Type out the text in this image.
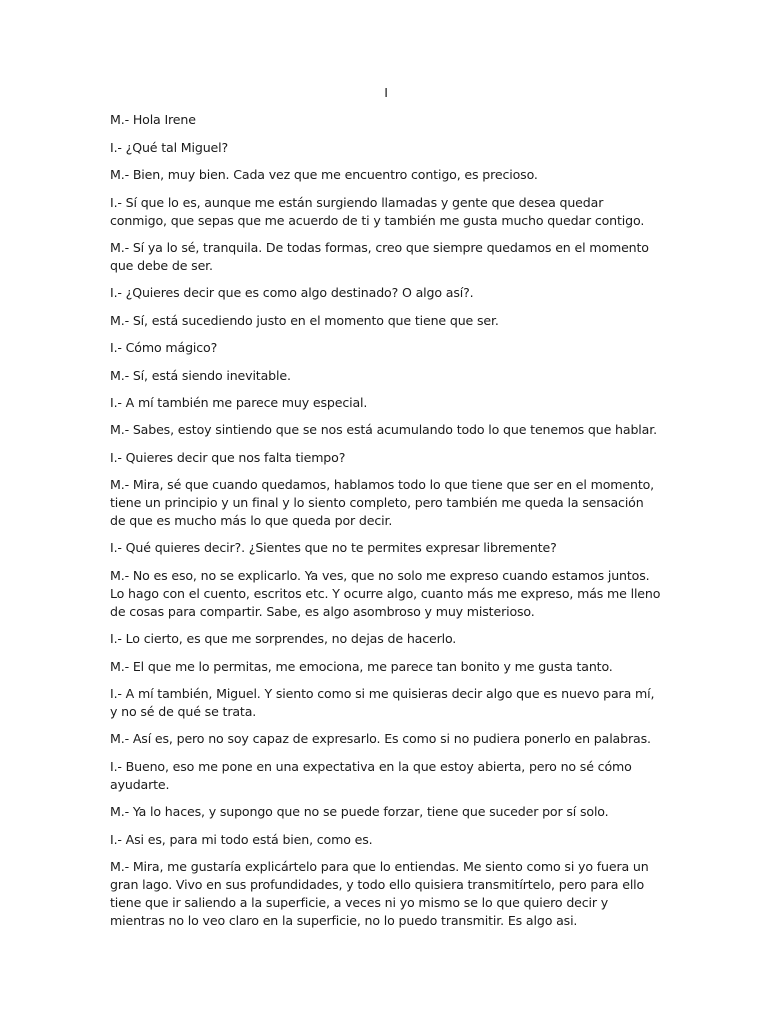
I

M.- Hola Irene

I.- ¿Qué tal Miguel?

M.- Bien, muy bien. Cada vez que me encuentro contigo, es precioso.

I.- Sí que lo es, aunque me están surgiendo llamadas y gente que desea quedar conmigo, que sepas que me acuerdo de ti y también me gusta mucho quedar contigo.

M.- Sí ya lo sé, tranquila. De todas formas, creo que siempre quedamos en el momento que debe de ser.

I.- ¿Quieres decir que es como algo destinado? O algo así?.

M.- Sí, está sucediendo justo en el momento que tiene que ser.

I.- Cómo mágico?

M.- Sí, está siendo inevitable.

I.- A mí también me parece muy especial.

M.- Sabes, estoy sintiendo que se nos está acumulando todo lo que tenemos que hablar.

I.- Quieres decir que nos falta tiempo?

M.- Mira, sé que cuando quedamos, hablamos todo lo que tiene que ser en el momento, tiene un principio y un final y lo siento completo, pero también me queda la sensación de que es mucho más lo que queda por decir.

I.- Qué quieres decir?. ¿Sientes que no te permites expresar libremente?

M.- No es eso, no se explicarlo. Ya ves, que no solo me expreso cuando estamos juntos. Lo hago con el cuento, escritos etc. Y ocurre algo, cuanto más me expreso, más me lleno de cosas para compartir. Sabe, es algo asombroso y muy misterioso.

I.- Lo cierto, es que me sorprendes, no dejas de hacerlo.

M.- El que me lo permitas, me emociona, me parece tan bonito y me gusta tanto.

I.- A mí también, Miguel. Y siento como si me quisieras decir algo que es nuevo para mí, y no sé de qué se trata.

M.- Así es, pero no soy capaz de expresarlo. Es como si no pudiera ponerlo en palabras.

I.- Bueno, eso me pone en una expectativa en la que estoy abierta, pero no sé cómo ayudarte.

M.- Ya lo haces, y supongo que no se puede forzar, tiene que suceder por sí solo.

I.- Asi es, para mi todo está bien, como es.

M.- Mira, me gustaría explicártelo para que lo entiendas. Me siento como si yo fuera un gran lago. Vivo en sus profundidades, y todo ello quisiera transmitírtelo, pero para ello tiene que ir saliendo a la superficie, a veces ni yo mismo se lo que quiero decir y mientras no lo veo claro en la superficie, no lo puedo transmitir. Es algo asi.
